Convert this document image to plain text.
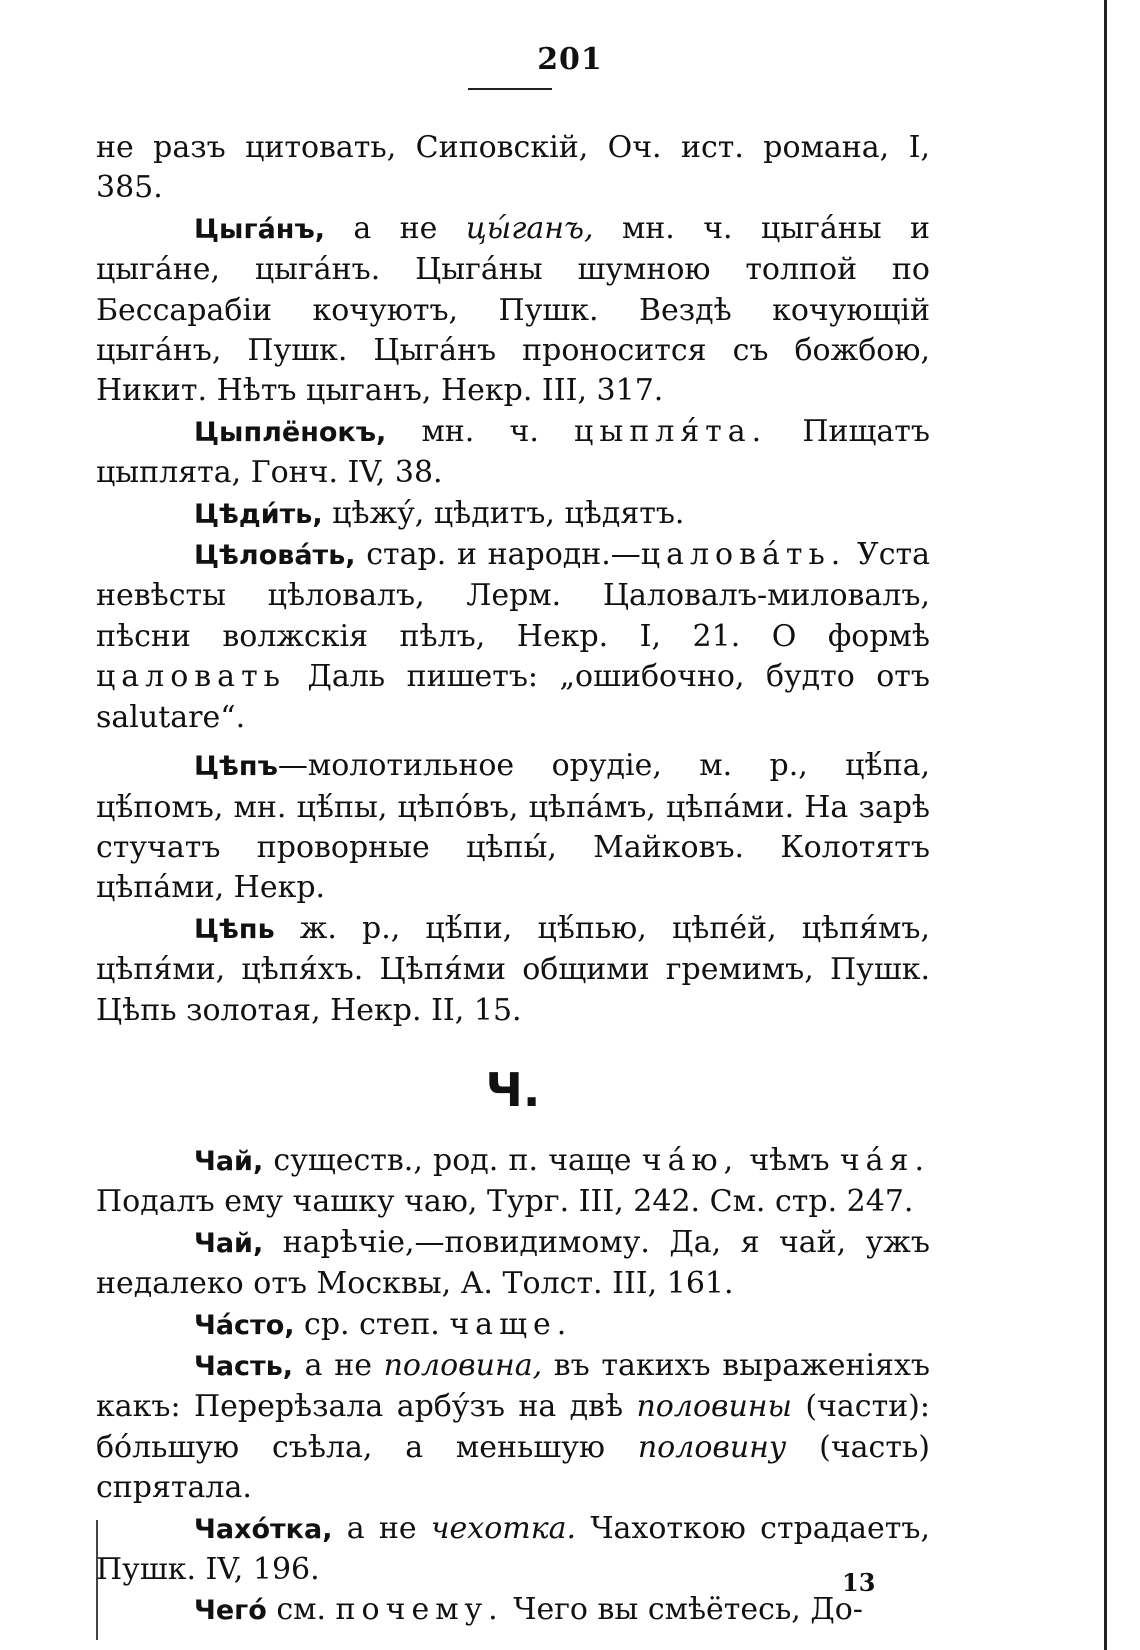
201

не разъ цитовать, Сиповскій, Оч. ист. романа, I, 385.

Цыга́нъ, а не цы́ганъ, мн. ч. цыга́ны и цыга́не, цыга́нъ. Цыга́ны шумною толпой по Бессарабіи кочуютъ, Пушк. Вездѣ кочующій цыга́нъ, Пушк. Цыга́нъ проносится съ божбою, Никит. Нѣтъ цыганъ, Некр. III, 317.

Цыплёнокъ, мн. ч. цыпля́та. Пищатъ цыплята, Гонч. IV, 38.

Цѣди́ть, цѣжу́, цѣдитъ, цѣдятъ.

Цѣлова́ть, стар. и народн.—цалова́ть. Уста невѣсты цѣловалъ, Лерм. Цаловалъ-миловалъ, пѣсни волжскія пѣлъ, Некр. I, 21. О формѣ цаловать Даль пишетъ: „ошибочно, будто отъ salutare“.

Цѣпъ—молотильное орудіе, м. р., цѣ́па, цѣ́помъ, мн. цѣ́пы, цѣпо́въ, цѣпа́мъ, цѣпа́ми. На зарѣ стучатъ проворные цѣпы́, Майковъ. Колотятъ цѣпа́ми, Некр.

Цѣпь ж. р., цѣ́пи, цѣ́пью, цѣпе́й, цѣпя́мъ, цѣпя́ми, цѣпя́хъ. Цѣпя́ми общими гремимъ, Пушк. Цѣпь золотая, Некр. II, 15.

Ч.

Чай, существ., род. п. чаще ча́ю, чѣмъ ча́я. Подалъ ему чашку чаю, Тург. III, 242. См. стр. 247.

Чай, нарѣчіе,—повидимому. Да, я чай, ужъ недалеко отъ Москвы, А. Толст. III, 161.

Ча́сто, ср. степ. чаще.

Часть, а не половина, въ такихъ выраженіяхъ какъ: Перерѣзала арбу́зъ на двѣ половины (части): бо́льшую съѣла, а меньшую половину (часть) спрятала.

Чахо́тка, а не чехотка. Чахоткою страдаетъ, Пушк. IV, 196.

Чего́ см. почему. Чего вы смѣётесь, До-

13
